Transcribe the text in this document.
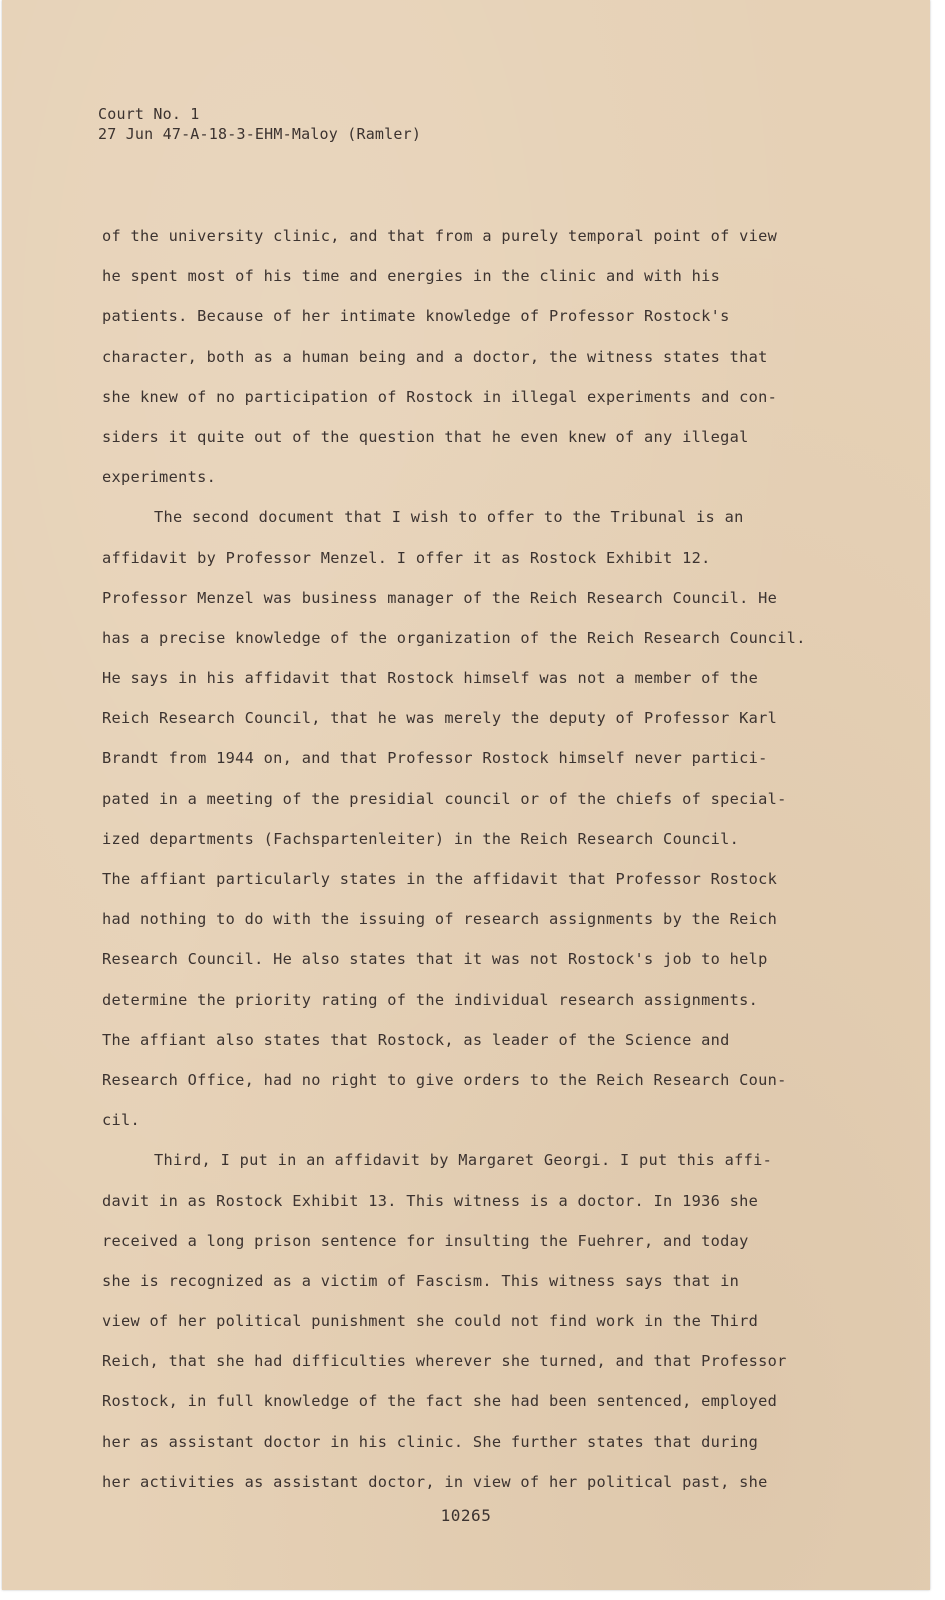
Court No. 1
27 Jun 47-A-18-3-EHM-Maloy (Ramler)
of the university clinic, and that from a purely temporal point of view
he spent most of his time and energies in the clinic and with his
patients. Because of her intimate knowledge of Professor Rostock's
character, both as a human being and a doctor, the witness states that
she knew of no participation of Rostock in illegal experiments and con-
siders it quite out of the question that he even knew of any illegal
experiments.
The second document that I wish to offer to the Tribunal is an
affidavit by Professor Menzel. I offer it as Rostock Exhibit 12.
Professor Menzel was business manager of the Reich Research Council. He
has a precise knowledge of the organization of the Reich Research Council.
He says in his affidavit that Rostock himself was not a member of the
Reich Research Council, that he was merely the deputy of Professor Karl
Brandt from 1944 on, and that Professor Rostock himself never partici-
pated in a meeting of the presidial council or of the chiefs of special-
ized departments (Fachspartenleiter) in the Reich Research Council.
The affiant particularly states in the affidavit that Professor Rostock
had nothing to do with the issuing of research assignments by the Reich
Research Council. He also states that it was not Rostock's job to help
determine the priority rating of the individual research assignments.
The affiant also states that Rostock, as leader of the Science and
Research Office, had no right to give orders to the Reich Research Coun-
cil.
Third, I put in an affidavit by Margaret Georgi. I put this affi-
davit in as Rostock Exhibit 13. This witness is a doctor. In 1936 she
received a long prison sentence for insulting the Fuehrer, and today
she is recognized as a victim of Fascism. This witness says that in
view of her political punishment she could not find work in the Third
Reich, that she had difficulties wherever she turned, and that Professor
Rostock, in full knowledge of the fact she had been sentenced, employed
her as assistant doctor in his clinic. She further states that during
her activities as assistant doctor, in view of her political past, she
10265
